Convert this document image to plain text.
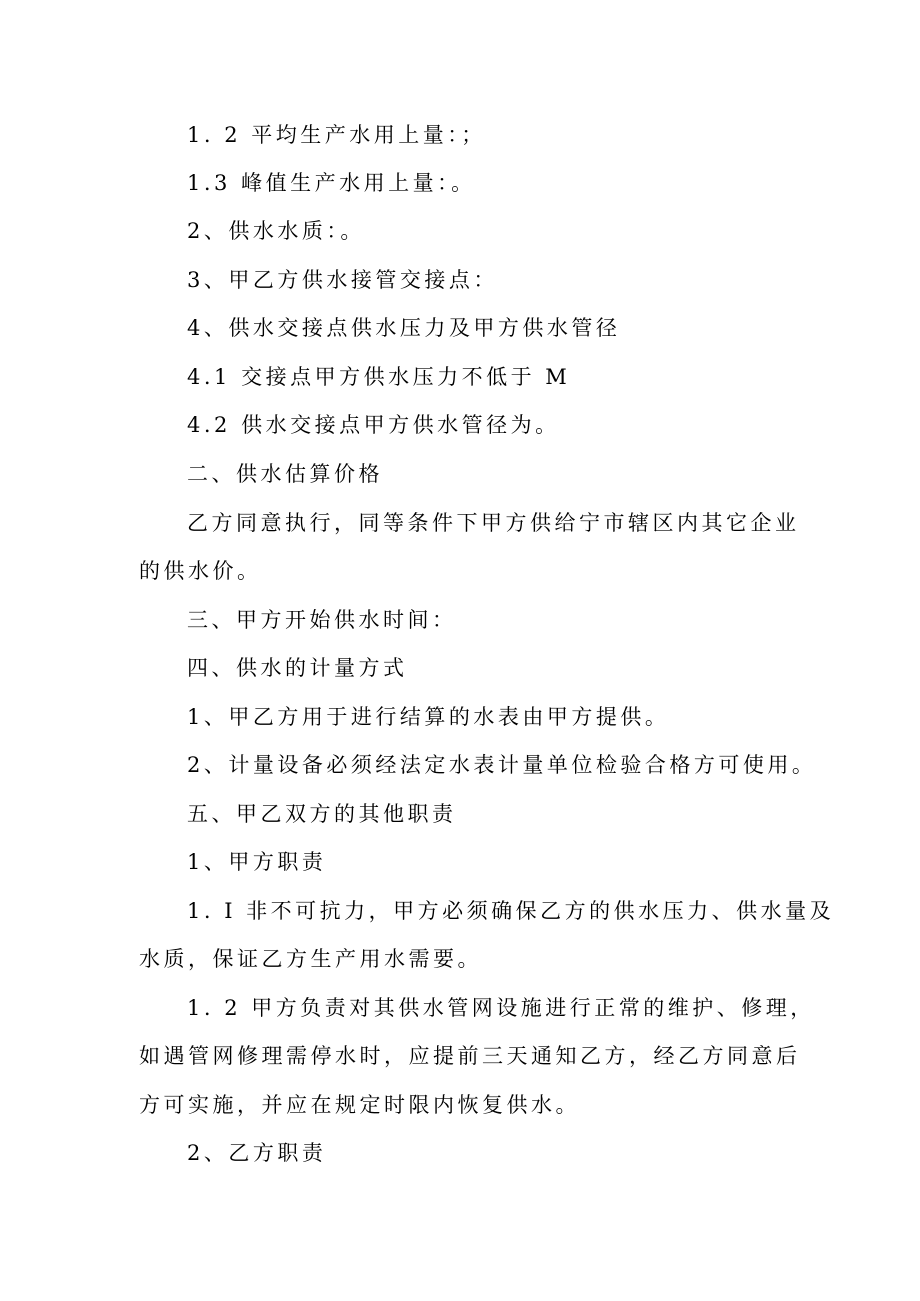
1. 2 平均生产水用上量：；
1.3 峰值生产水用上量：。
2、供水水质：。
3、甲乙方供水接管交接点：
4、供水交接点供水压力及甲方供水管径
4.1 交接点甲方供水压力不低于 M
4.2 供水交接点甲方供水管径为。
二、供水估算价格
乙方同意执行，同等条件下甲方供给宁市辖区内其它企业
的供水价。
三、甲方开始供水时间：
四、供水的计量方式
1、甲乙方用于进行结算的水表由甲方提供。
2、计量设备必须经法定水表计量单位检验合格方可使用。
五、甲乙双方的其他职责
1、甲方职责
1. I 非不可抗力，甲方必须确保乙方的供水压力、供水量及
水质，保证乙方生产用水需要。
1. 2 甲方负责对其供水管网设施进行正常的维护、修理，
如遇管网修理需停水时，应提前三天通知乙方，经乙方同意后
方可实施，并应在规定时限内恢复供水。
2、乙方职责
